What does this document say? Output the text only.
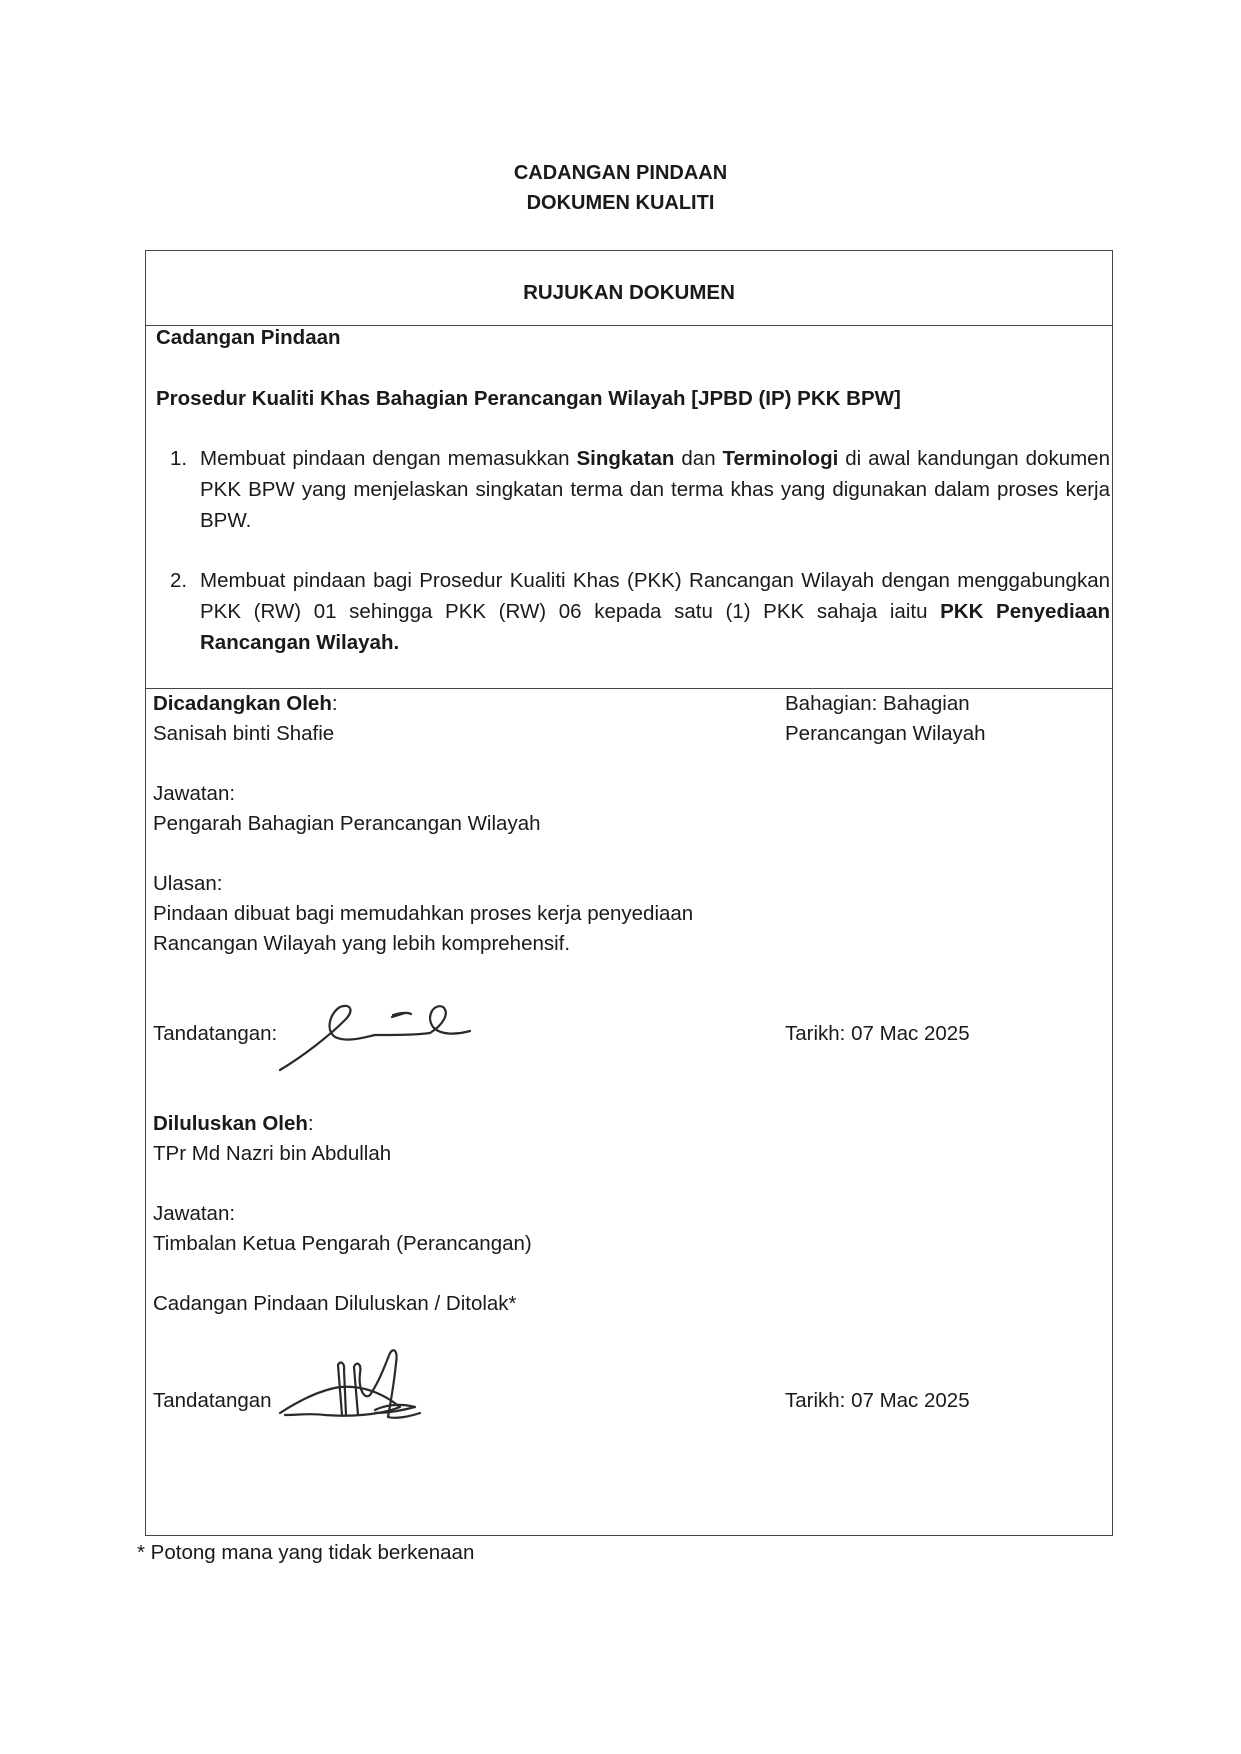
CADANGAN PINDAAN
DOKUMEN KUALITI
RUJUKAN DOKUMEN
Cadangan Pindaan
Prosedur Kualiti Khas Bahagian Perancangan Wilayah [JPBD (IP) PKK BPW]
1. Membuat pindaan dengan memasukkan Singkatan dan Terminologi di awal kandungan dokumen PKK BPW yang menjelaskan singkatan terma dan terma khas yang digunakan dalam proses kerja BPW.
2. Membuat pindaan bagi Prosedur Kualiti Khas (PKK) Rancangan Wilayah dengan menggabungkan PKK (RW) 01 sehingga PKK (RW) 06 kepada satu (1) PKK sahaja iaitu PKK Penyediaan Rancangan Wilayah.
Dicadangkan Oleh:
Sanisah binti Shafie
Bahagian: Bahagian
Perancangan Wilayah
Jawatan:
Pengarah Bahagian Perancangan Wilayah
Ulasan:
Pindaan dibuat bagi memudahkan proses kerja penyediaan
Rancangan Wilayah yang lebih komprehensif.
Tandatangan:	Tarikh: 07 Mac 2025
Diluluskan Oleh:
TPr Md Nazri bin Abdullah
Jawatan:
Timbalan Ketua Pengarah (Perancangan)
Cadangan Pindaan Diluluskan / Ditolak*
Tandatangan	Tarikh: 07 Mac 2025
* Potong mana yang tidak berkenaan
